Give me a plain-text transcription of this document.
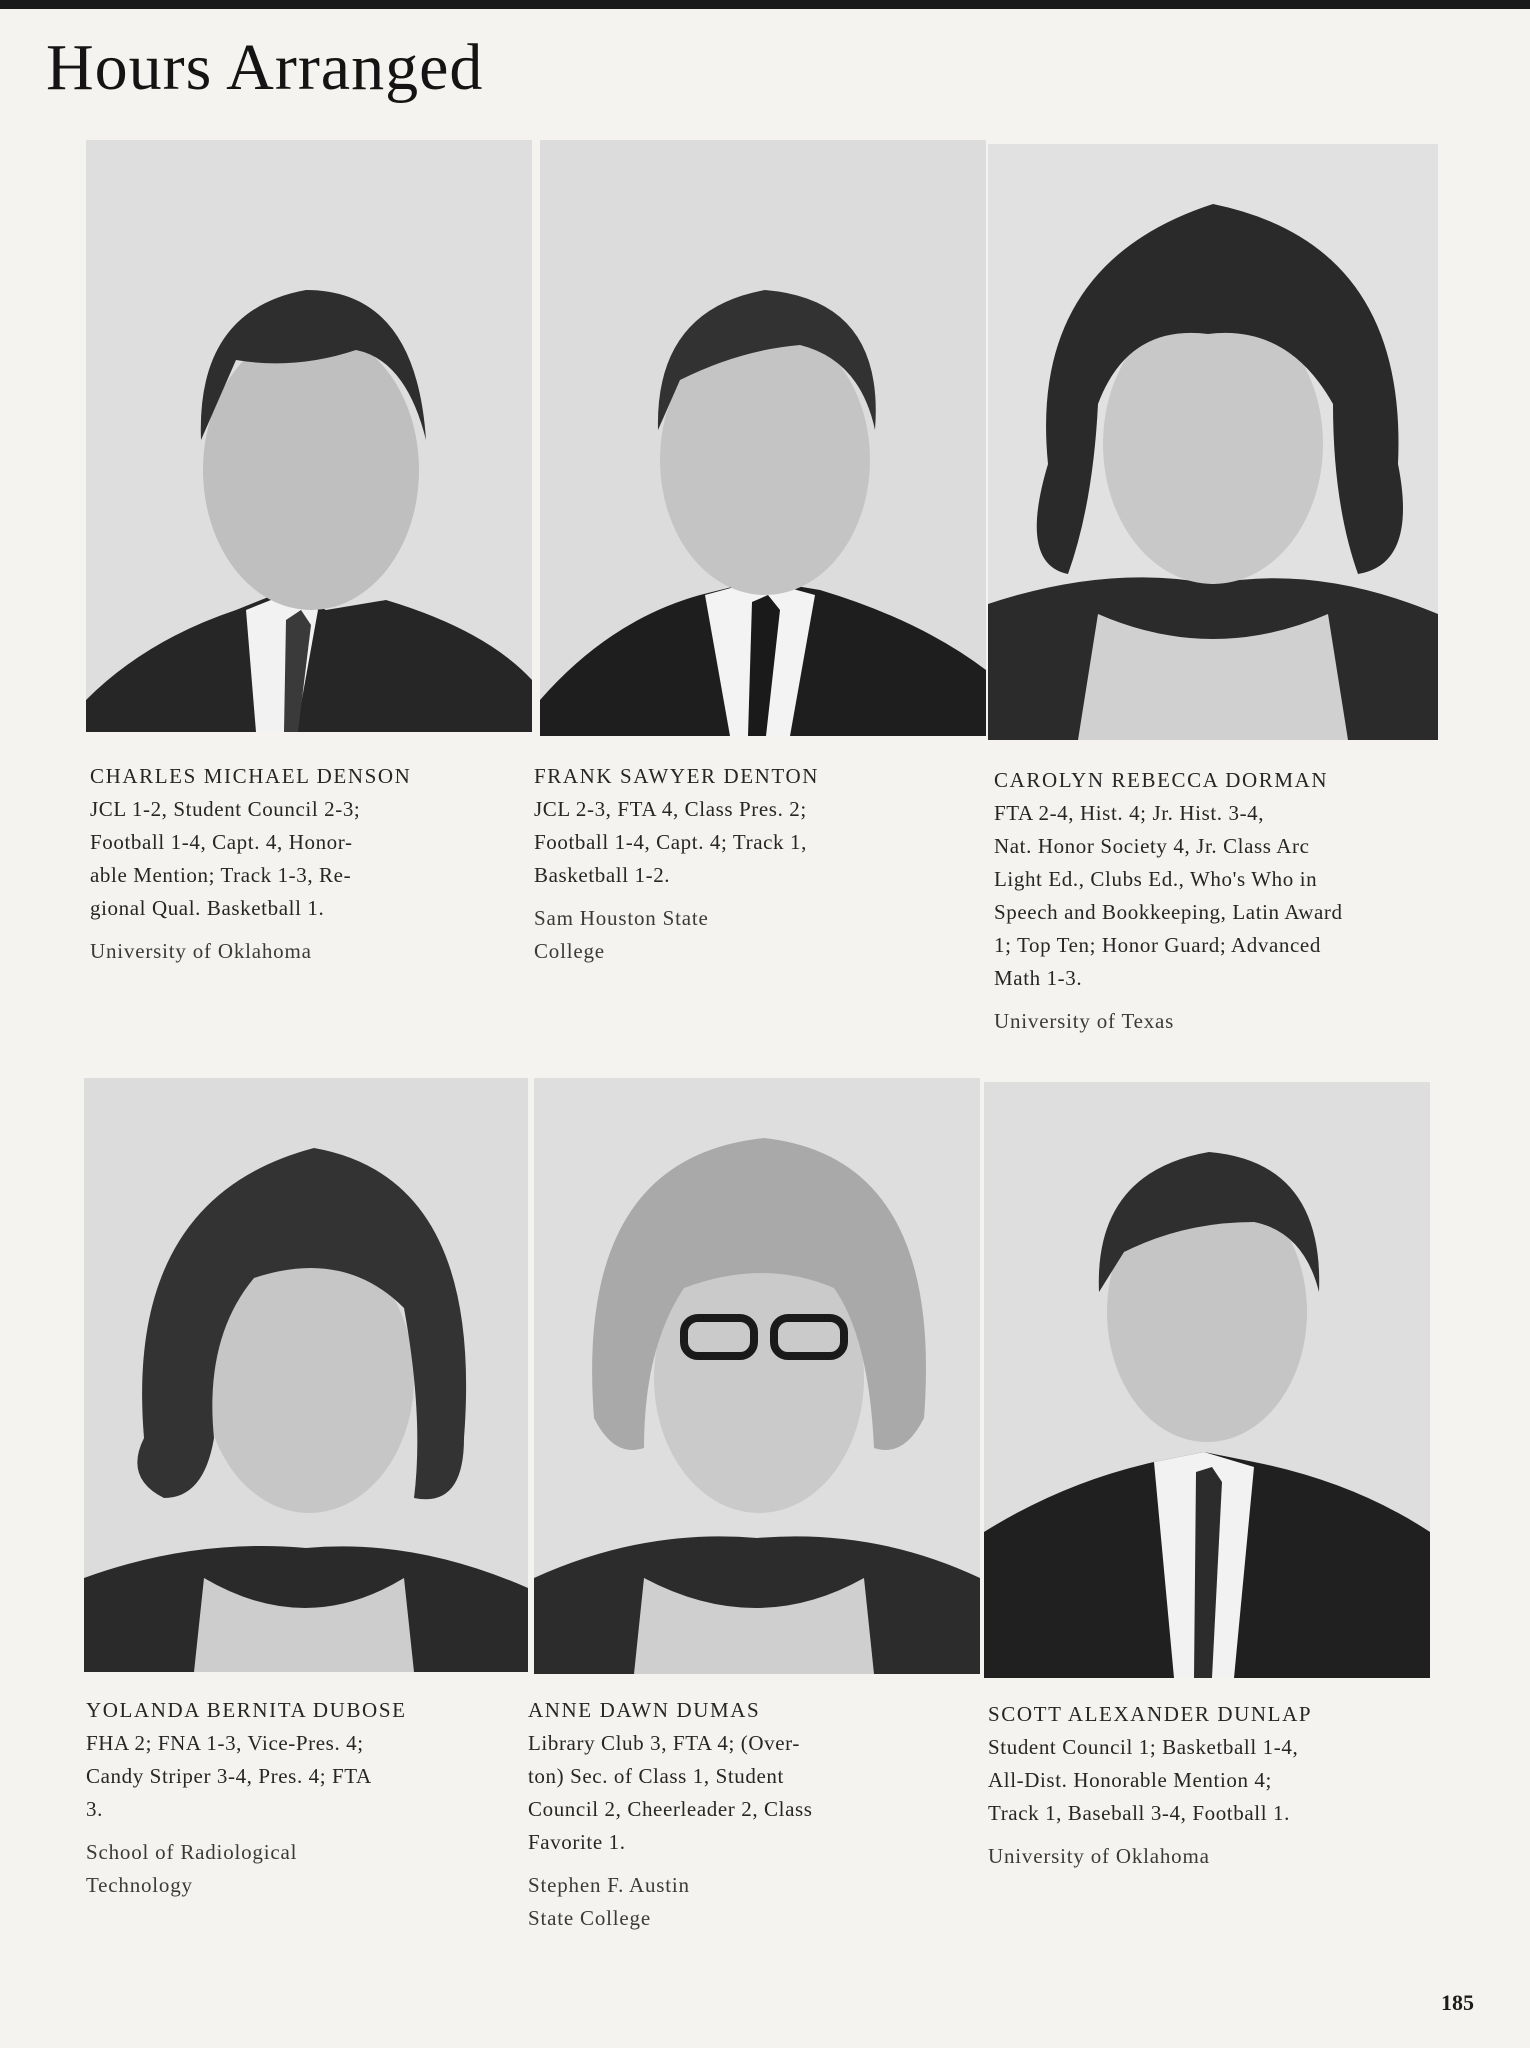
Hours Arranged
CHARLES MICHAEL DENSON
JCL 1-2, Student Council 2-3;
Football 1-4, Capt. 4, Honor-
able Mention; Track 1-3, Re-
gional Qual. Basketball 1.
University of Oklahoma
FRANK SAWYER DENTON
JCL 2-3, FTA 4, Class Pres. 2;
Football 1-4, Capt. 4; Track 1,
Basketball 1-2.
Sam Houston State
College
CAROLYN REBECCA DORMAN
FTA 2-4, Hist. 4; Jr. Hist. 3-4,
Nat. Honor Society 4, Jr. Class Arc
Light Ed., Clubs Ed., Who's Who in
Speech and Bookkeeping, Latin Award
1; Top Ten; Honor Guard; Advanced
Math 1-3.
University of Texas
YOLANDA BERNITA DUBOSE
FHA 2; FNA 1-3, Vice-Pres. 4;
Candy Striper 3-4, Pres. 4; FTA
3.
School of Radiological
Technology
ANNE DAWN DUMAS
Library Club 3, FTA 4; (Over-
ton) Sec. of Class 1, Student
Council 2, Cheerleader 2, Class
Favorite 1.
Stephen F. Austin
State College
SCOTT ALEXANDER DUNLAP
Student Council 1; Basketball 1-4,
All-Dist. Honorable Mention 4;
Track 1, Baseball 3-4, Football 1.
University of Oklahoma
185
